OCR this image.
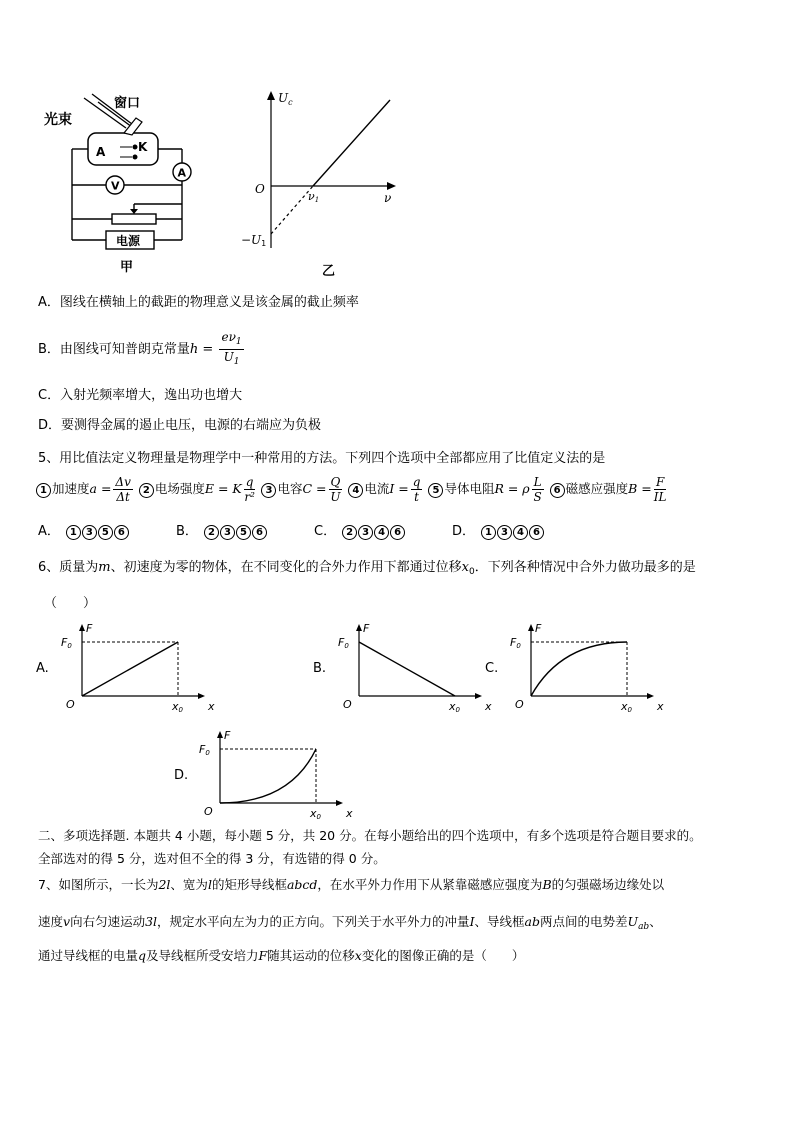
光束
窗口
A	K
A
V
电源
甲
$U_c$
O
ν
ν1
−U1
乙
A．图线在横轴上的截距的物理意义是该金属的截止频率
B．由图线可知普朗克常量$h = \frac{e\nu_1}{U_1}$
C．入射光频率增大，逸出功也增大
D．要测得金属的遏止电压，电源的右端应为负极
5、用比值法定义物理量是物理学中一种常用的方法。下列四个选项中全部都应用了比值定义法的是
1 加速度$a = \frac{\Delta v}{\Delta t} 2$ 电场强度E = K $\frac{q}{\text{r²}} 3$ 电容$C = \frac{Q}{U} 4$ 电流$I = \frac{q}{t} 5$ 导体电阻R = ρ $\frac{L}{S} 6$ 磁感应强度$B = \frac{F}{IL}$
A． 1 3 5 6	B． 2 3 5 6	C． 2 3 4 6	D． 1 3 4 6
6、质量为m、初速度为零的物体，在不同变化的合外力作用下都通过位移$x_0$．下列各种情况中合外力做功最多的是
（　　）
A.
F
F0
O	x0 x
B.
F
F0
O	x0 x
C.
F
F0
O	x0 x
D.
F
F0
O	x0 x
二、多项选择题. 本题共 4 小题，每小题 5 分，共 20 分。在每小题给出的四个选项中，有多个选项是符合题目要求的。
全部选对的得 5 分，选对但不全的得 3 分，有选错的得 0 分。
7、如图所示，一长为2l、宽为l的矩形导线框abcd，在水平外力作用下从紧靠磁感应强度为B的匀强磁场边缘处以
速度v向右匀速运动3l，规定水平向左为力的正方向。下列关于水平外力的冲量I、导线框ab两点间的电势差$U_{ab}$、
通过导线框的电量q及导线框所受安培力F随其运动的位移x变化的图像正确的是（　　）
